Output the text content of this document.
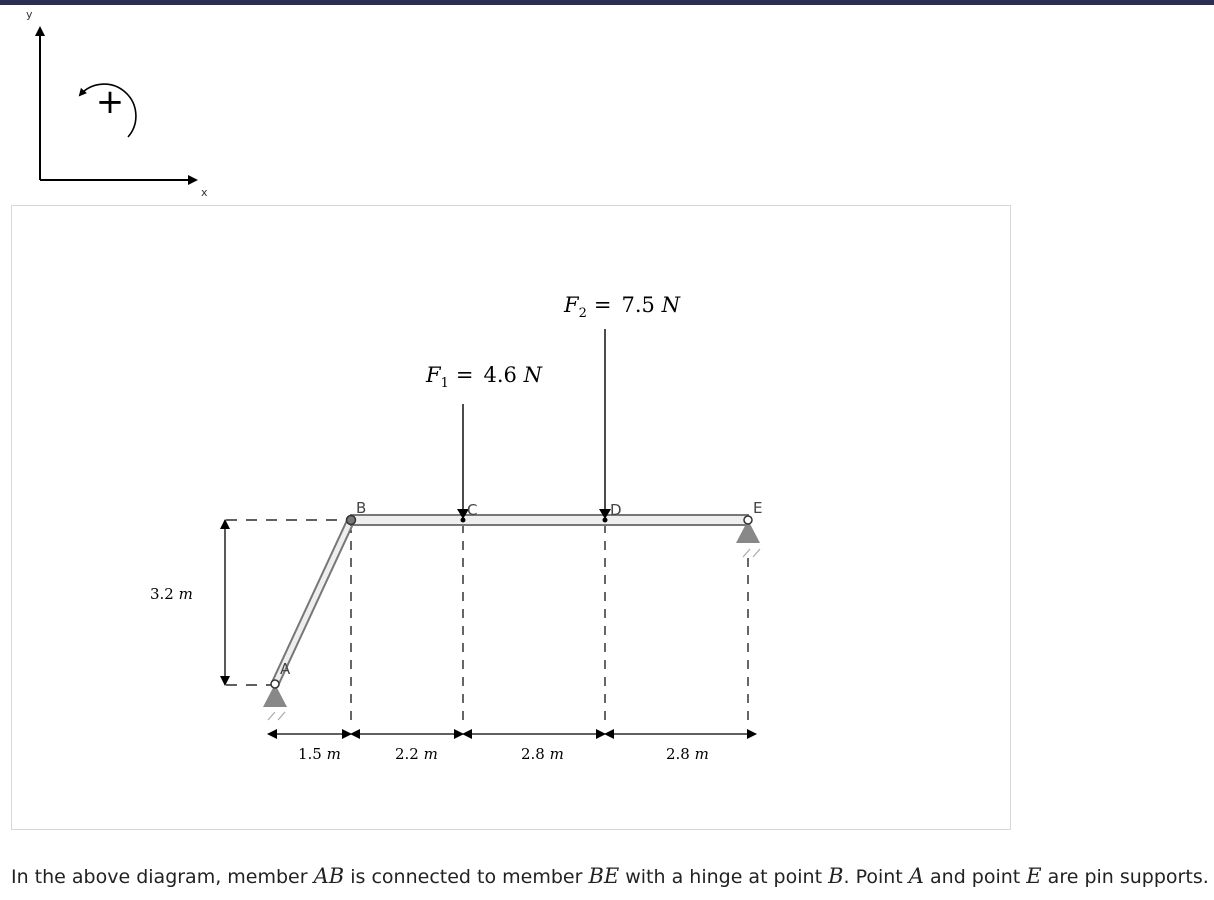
y
x
+
3.2 m
$F_1 = 4.6$ N
$F_2 = 7.5$ N
A
B	C	D	E
1.5 m	2.2 m	2.8 m	2.8 m
In the above diagram, member AB is connected to member BE with a hinge at point B. Point A and point E are pin supports.
